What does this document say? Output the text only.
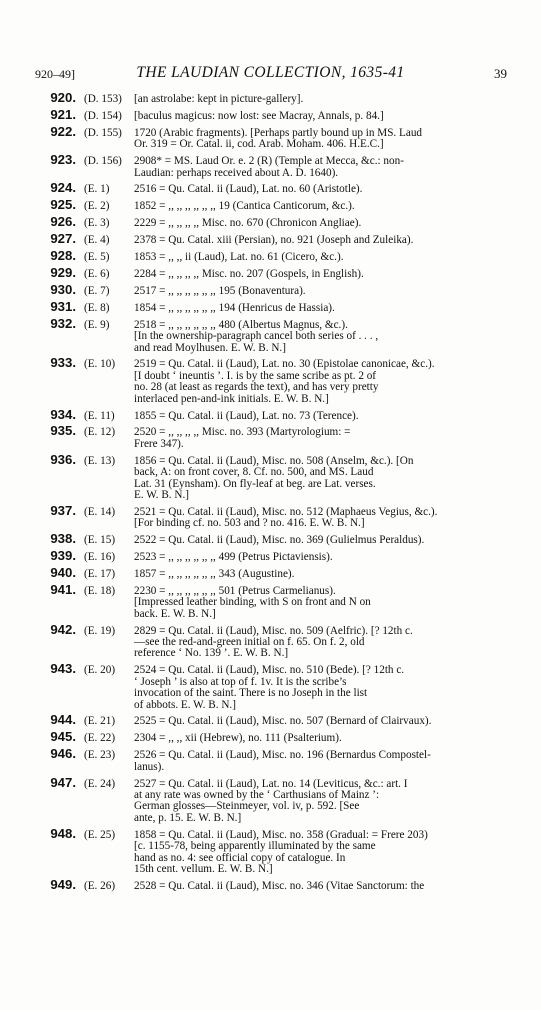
920–49]	THE LAUDIAN COLLECTION, 1635-41	39
920. (D. 153)	[an astrolabe: kept in picture-gallery].
921. (D. 154)	[baculus magicus: now lost: see Macray, Annals, p. 84.]
922. (D. 155)	1720 (Arabic fragments). [Perhaps partly bound up in MS. Laud
Or. 319 = Or. Catal. ii, cod. Arab. Moham. 406. H.E.C.]
923. (D. 156)	2908* = MS. Laud Or. e. 2 (R) (Temple at Mecca, &c.: non-
Laudian: perhaps received about A. D. 1640).
924. (E. 1)	2516 = Qu. Catal. ii (Laud), Lat. no. 60 (Aristotle).
925. (E. 2)	1852 = ,, ,, ,, ,, ,, ,, 19 (Cantica Canticorum, &c.).
926. (E. 3)	2229 = ,, ,, ,, ,, Misc. no. 670 (Chronicon Angliae).
927. (E. 4)	2378 = Qu. Catal. xiii (Persian), no. 921 (Joseph and Zuleika).
928. (E. 5)	1853 = ,, ,, ii (Laud), Lat. no. 61 (Cicero, &c.).
929. (E. 6)	2284 = ,, ,, ,, ,, Misc. no. 207 (Gospels, in English).
930. (E. 7)	2517 = ,, ,, ,, ,, ,, ,, 195 (Bonaventura).
931. (E. 8)	1854 = ,, ,, ,, ,, ,, ,, 194 (Henricus de Hassia).
932. (E. 9)	2518 = ,, ,, ,, ,, ,, ,, 480 (Albertus Magnus, &c.).
[In the ownership-paragraph cancel both series of . . . ,
and read Moylhusen. E. W. B. N.]
933. (E. 10)	2519 = Qu. Catal. ii (Laud), Lat. no. 30 (Epistolae canonicae, &c.).
[I doubt ‘ ineuntis ’. I. is by the same scribe as pt. 2 of
no. 28 (at least as regards the text), and has very pretty
interlaced pen-and-ink initials. E. W. B. N.]
934. (E. 11)	1855 = Qu. Catal. ii (Laud), Lat. no. 73 (Terence).
935. (E. 12)	2520 = ,, ,, ,, ,, Misc. no. 393 (Martyrologium: =
Frere 347).
936. (E. 13)	1856 = Qu. Catal. ii (Laud), Misc. no. 508 (Anselm, &c.). [On
back, A: on front cover, 8. Cf. no. 500, and MS. Laud
Lat. 31 (Eynsham). On fly-leaf at beg. are Lat. verses.
E. W. B. N.]
937. (E. 14)	2521 = Qu. Catal. ii (Laud), Misc. no. 512 (Maphaeus Vegius, &c.).
[For binding cf. no. 503 and ? no. 416. E. W. B. N.]
938. (E. 15)	2522 = Qu. Catal. ii (Laud), Misc. no. 369 (Gulielmus Peraldus).
939. (E. 16)	2523 = ,, ,, ,, ,, ,, ,, 499 (Petrus Pictaviensis).
940. (E. 17)	1857 = ,, ,, ,, ,, ,, ,, 343 (Augustine).
941. (E. 18)	2230 = ,, ,, ,, ,, ,, ,, 501 (Petrus Carmelianus).
[Impressed leather binding, with S on front and N on
back. E. W. B. N.]
942. (E. 19)	2829 = Qu. Catal. ii (Laud), Misc. no. 509 (Aelfric). [? 12th c.
—see the red-and-green initial on f. 65. On f. 2, old
reference ‘ No. 139 ’. E. W. B. N.]
943. (E. 20)	2524 = Qu. Catal. ii (Laud), Misc. no. 510 (Bede). [? 12th c.
‘ Joseph ’ is also at top of f. 1v. It is the scribe’s
invocation of the saint. There is no Joseph in the list
of abbots. E. W. B. N.]
944. (E. 21)	2525 = Qu. Catal. ii (Laud), Misc. no. 507 (Bernard of Clairvaux).
945. (E. 22)	2304 = ,, ,, xii (Hebrew), no. 111 (Psalterium).
946. (E. 23)	2526 = Qu. Catal. ii (Laud), Misc. no. 196 (Bernardus Compostel-
lanus).
947. (E. 24)	2527 = Qu. Catal. ii (Laud), Lat. no. 14 (Leviticus, &c.: art. I
at any rate was owned by the ‘ Carthusians of Mainz ’:
German glosses—Steinmeyer, vol. iv, p. 592. [See
ante, p. 15. E. W. B. N.]
948. (E. 25)	1858 = Qu. Catal. ii (Laud), Misc. no. 358 (Gradual: = Frere 203)
[c. 1155-78, being apparently illuminated by the same
hand as no. 4: see official copy of catalogue. In
15th cent. vellum. E. W. B. N.]
949. (E. 26)	2528 = Qu. Catal. ii (Laud), Misc. no. 346 (Vitae Sanctorum: the
